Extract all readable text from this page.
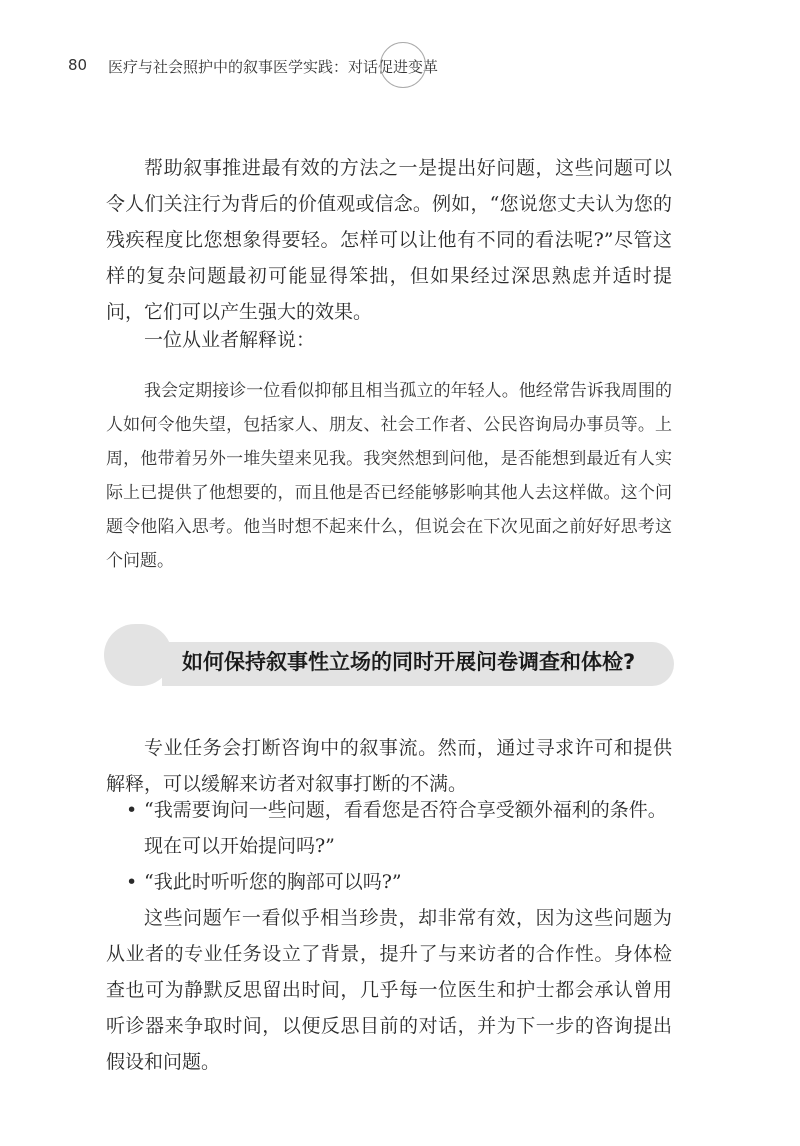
80 医疗与社会照护中的叙事医学实践：对话促进变革

帮助叙事推进最有效的方法之一是提出好问题，这些问题可以令人们关注行为背后的价值观或信念。例如，“您说您丈夫认为您的残疾程度比您想象得要轻。怎样可以让他有不同的看法呢?”尽管这样的复杂问题最初可能显得笨拙，但如果经过深思熟虑并适时提问，它们可以产生强大的效果。

一位从业者解释说：

我会定期接诊一位看似抑郁且相当孤立的年轻人。他经常告诉我周围的人如何令他失望，包括家人、朋友、社会工作者、公民咨询局办事员等。上周，他带着另外一堆失望来见我。我突然想到问他，是否能想到最近有人实际上已提供了他想要的，而且他是否已经能够影响其他人去这样做。这个问题令他陷入思考。他当时想不起来什么，但说会在下次见面之前好好思考这个问题。

如何保持叙事性立场的同时开展问卷调查和体检?

专业任务会打断咨询中的叙事流。然而，通过寻求许可和提供解释，可以缓解来访者对叙事打断的不满。

• “我需要询问一些问题，看看您是否符合享受额外福利的条件。现在可以开始提问吗?”
• “我此时听听您的胸部可以吗?”

这些问题乍一看似乎相当珍贵，却非常有效，因为这些问题为从业者的专业任务设立了背景，提升了与来访者的合作性。身体检查也可为静默反思留出时间，几乎每一位医生和护士都会承认曾用听诊器来争取时间，以便反思目前的对话，并为下一步的咨询提出假设和问题。
